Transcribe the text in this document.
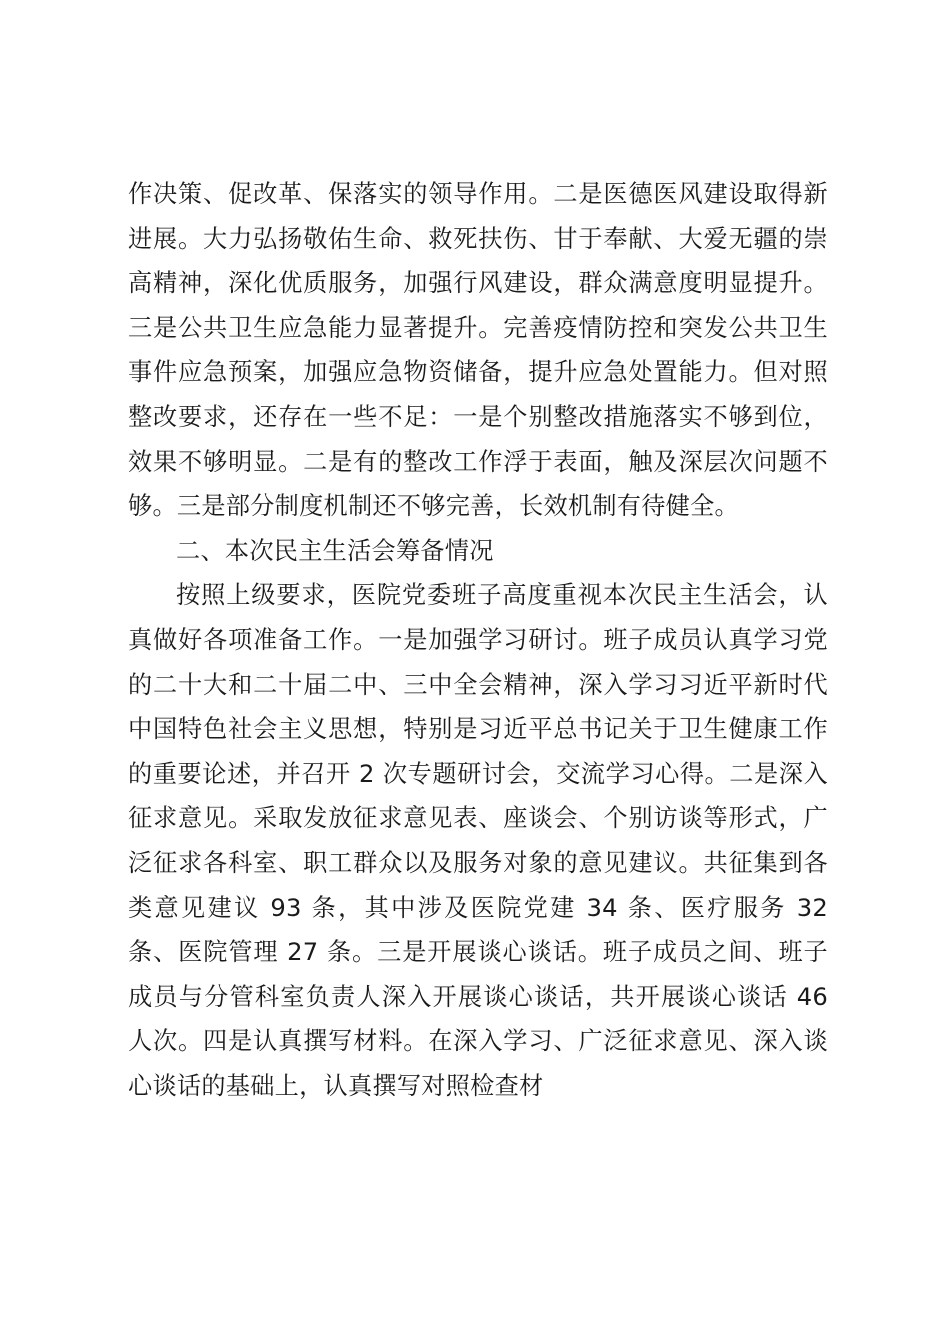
作决策、促改革、保落实的领导作用。二是医德医风建设取得新进展。大力弘扬敬佑生命、救死扶伤、甘于奉献、大爱无疆的崇高精神，深化优质服务，加强行风建设，群众满意度明显提升。三是公共卫生应急能力显著提升。完善疫情防控和突发公共卫生事件应急预案，加强应急物资储备，提升应急处置能力。但对照整改要求，还存在一些不足：一是个别整改措施落实不够到位，效果不够明显。二是有的整改工作浮于表面，触及深层次问题不够。三是部分制度机制还不够完善，长效机制有待健全。

二、本次民主生活会筹备情况

按照上级要求，医院党委班子高度重视本次民主生活会，认真做好各项准备工作。一是加强学习研讨。班子成员认真学习党的二十大和二十届二中、三中全会精神，深入学习习近平新时代中国特色社会主义思想，特别是习近平总书记关于卫生健康工作的重要论述，并召开 2 次专题研讨会，交流学习心得。二是深入征求意见。采取发放征求意见表、座谈会、个别访谈等形式，广泛征求各科室、职工群众以及服务对象的意见建议。共征集到各类意见建议 93 条，其中涉及医院党建 34 条、医疗服务 32 条、医院管理 27 条。三是开展谈心谈话。班子成员之间、班子成员与分管科室负责人深入开展谈心谈话，共开展谈心谈话 46 人次。四是认真撰写材料。在深入学习、广泛征求意见、深入谈心谈话的基础上，认真撰写对照检查材
